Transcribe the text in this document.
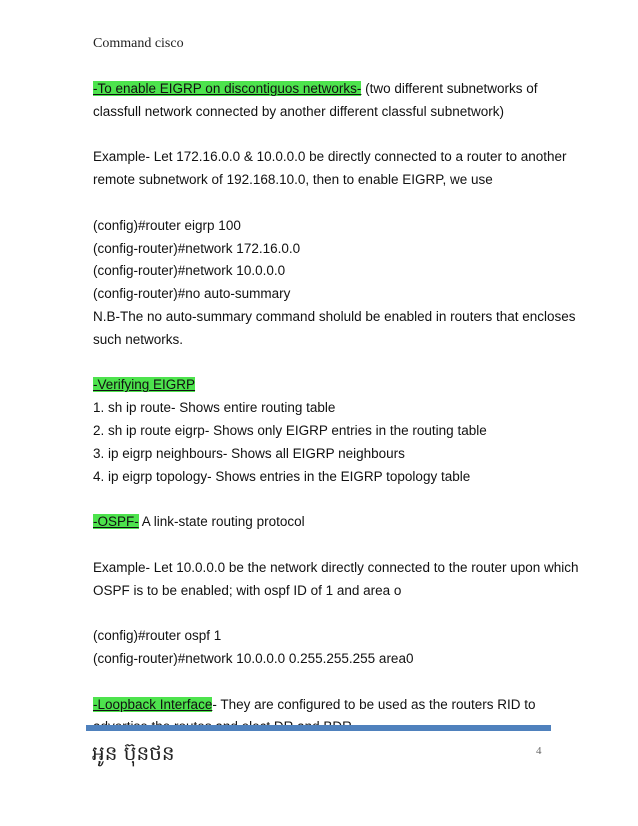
Command cisco
-To enable EIGRP on discontiguos networks- (two different subnetworks of
classfull network connected by another different classful subnetwork)
Example- Let 172.16.0.0 & 10.0.0.0 be directly connected to a router to another
remote subnetwork of 192.168.10.0, then to enable EIGRP, we use
(config)#router eigrp 100
(config-router)#network 172.16.0.0
(config-router)#network 10.0.0.0
(config-router)#no auto-summary
N.B-The no auto-summary command sholuld be enabled in routers that encloses
such networks.
-Verifying EIGRP
1. sh ip route- Shows entire routing table
2. sh ip route eigrp- Shows only EIGRP entries in the routing table
3. ip eigrp neighbours- Shows all EIGRP neighbours
4. ip eigrp topology- Shows entries in the EIGRP topology table
-OSPF- A link-state routing protocol
Example- Let 10.0.0.0 be the network directly connected to the router upon which
OSPF is to be enabled; with ospf ID of 1 and area o
(config)#router ospf 1
(config-router)#network 10.0.0.0 0.255.255.255 area0
-Loopback Interface- They are configured to be used as the routers RID to
អូន ប៊ុនថន	4
